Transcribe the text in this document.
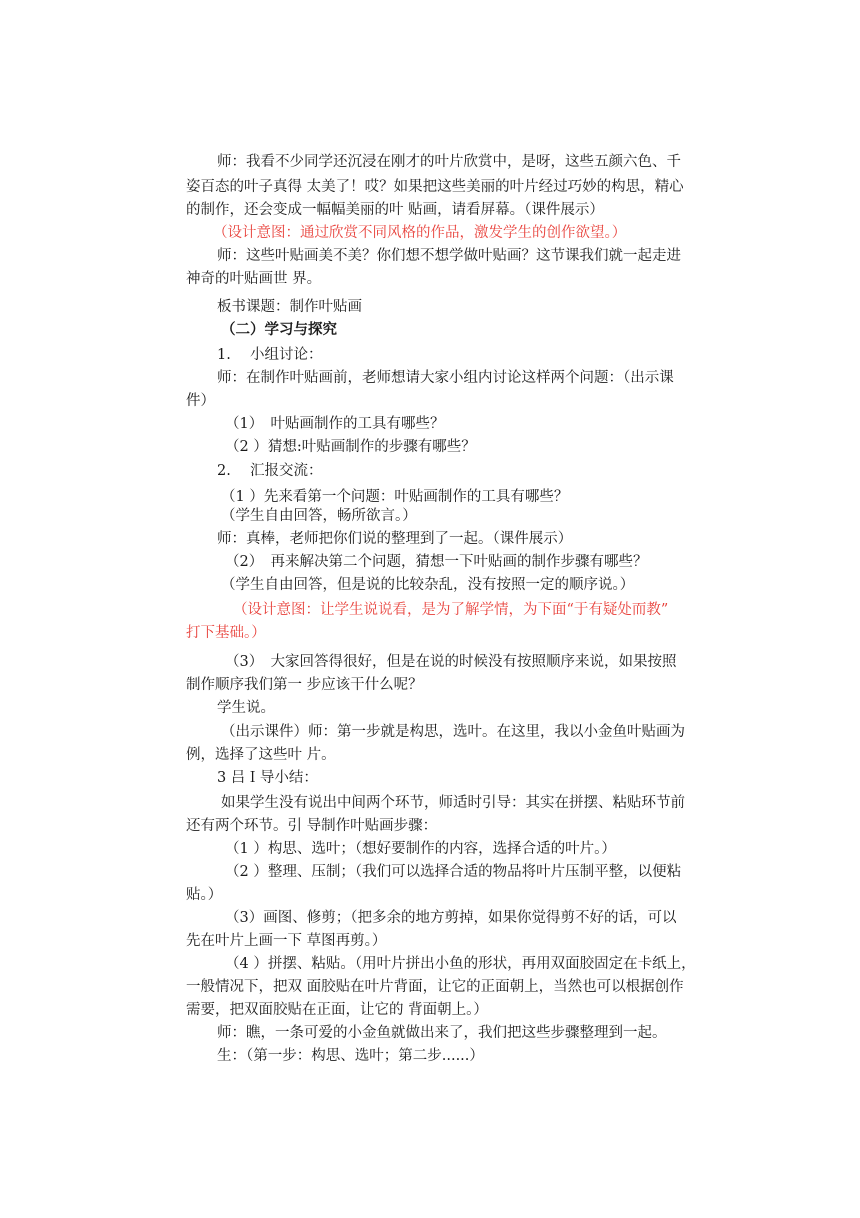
师：我看不少同学还沉浸在刚才的叶片欣赏中，是呀，这些五颜六色、千
姿百态的叶子真得 太美了！哎？如果把这些美丽的叶片经过巧妙的构思，精心
的制作，还会变成一幅幅美丽的叶 贴画，请看屏幕。（课件展示）
（设计意图：通过欣赏不同风格的作品，激发学生的创作欲望。）
师：这些叶贴画美不美？你们想不想学做叶贴画？这节课我们就一起走进
神奇的叶贴画世 界。
板书课题：制作叶贴画
（二）学习与探究
1.　 小组讨论：
师：在制作叶贴画前，老师想请大家小组内讨论这样两个问题：（出示课
件）
（1）　叶贴画制作的工具有哪些？
（2 ）猜想:叶贴画制作的步骤有哪些？
2.　 汇报交流：
（1 ）先来看第一个问题：叶贴画制作的工具有哪些？
（学生自由回答，畅所欲言。）
师：真棒，老师把你们说的整理到了一起。（课件展示）
（2）　再来解决第二个问题，猜想一下叶贴画的制作步骤有哪些？
（学生自由回答，但是说的比较杂乱，没有按照一定的顺序说。）
（设计意图：让学生说说看，是为了解学情，为下面“于有疑处而教”
打下基础。）
（3）　大家回答得很好，但是在说的时候没有按照顺序来说，如果按照
制作顺序我们第一 步应该干什么呢？
学生说。
（出示课件）师：第一步就是构思，选叶。在这里，我以小金鱼叶贴画为
例，选择了这些叶 片。
3 吕Ｉ导小结：
如果学生没有说出中间两个环节，师适时引导：其实在拼摆、粘贴环节前
还有两个环节。引 导制作叶贴画步骤：
（1 ）构思、选叶；（想好要制作的内容，选择合适的叶片。）
（2 ）整理、压制；（我们可以选择合适的物品将叶片压制平整，以便粘
贴。）
（3）画图、修剪；（把多余的地方剪掉，如果你觉得剪不好的话，可以
先在叶片上画一下 草图再剪。）
（4 ）拼摆、粘贴。（用叶片拼出小鱼的形状，再用双面胶固定在卡纸上，
一般情况下，把双 面胶贴在叶片背面，让它的正面朝上，当然也可以根据创作
需要，把双面胶贴在正面，让它的 背面朝上。）
师：瞧，一条可爱的小金鱼就做出来了，我们把这些步骤整理到一起。
生：（第一步：构思、选叶；第二步......）
